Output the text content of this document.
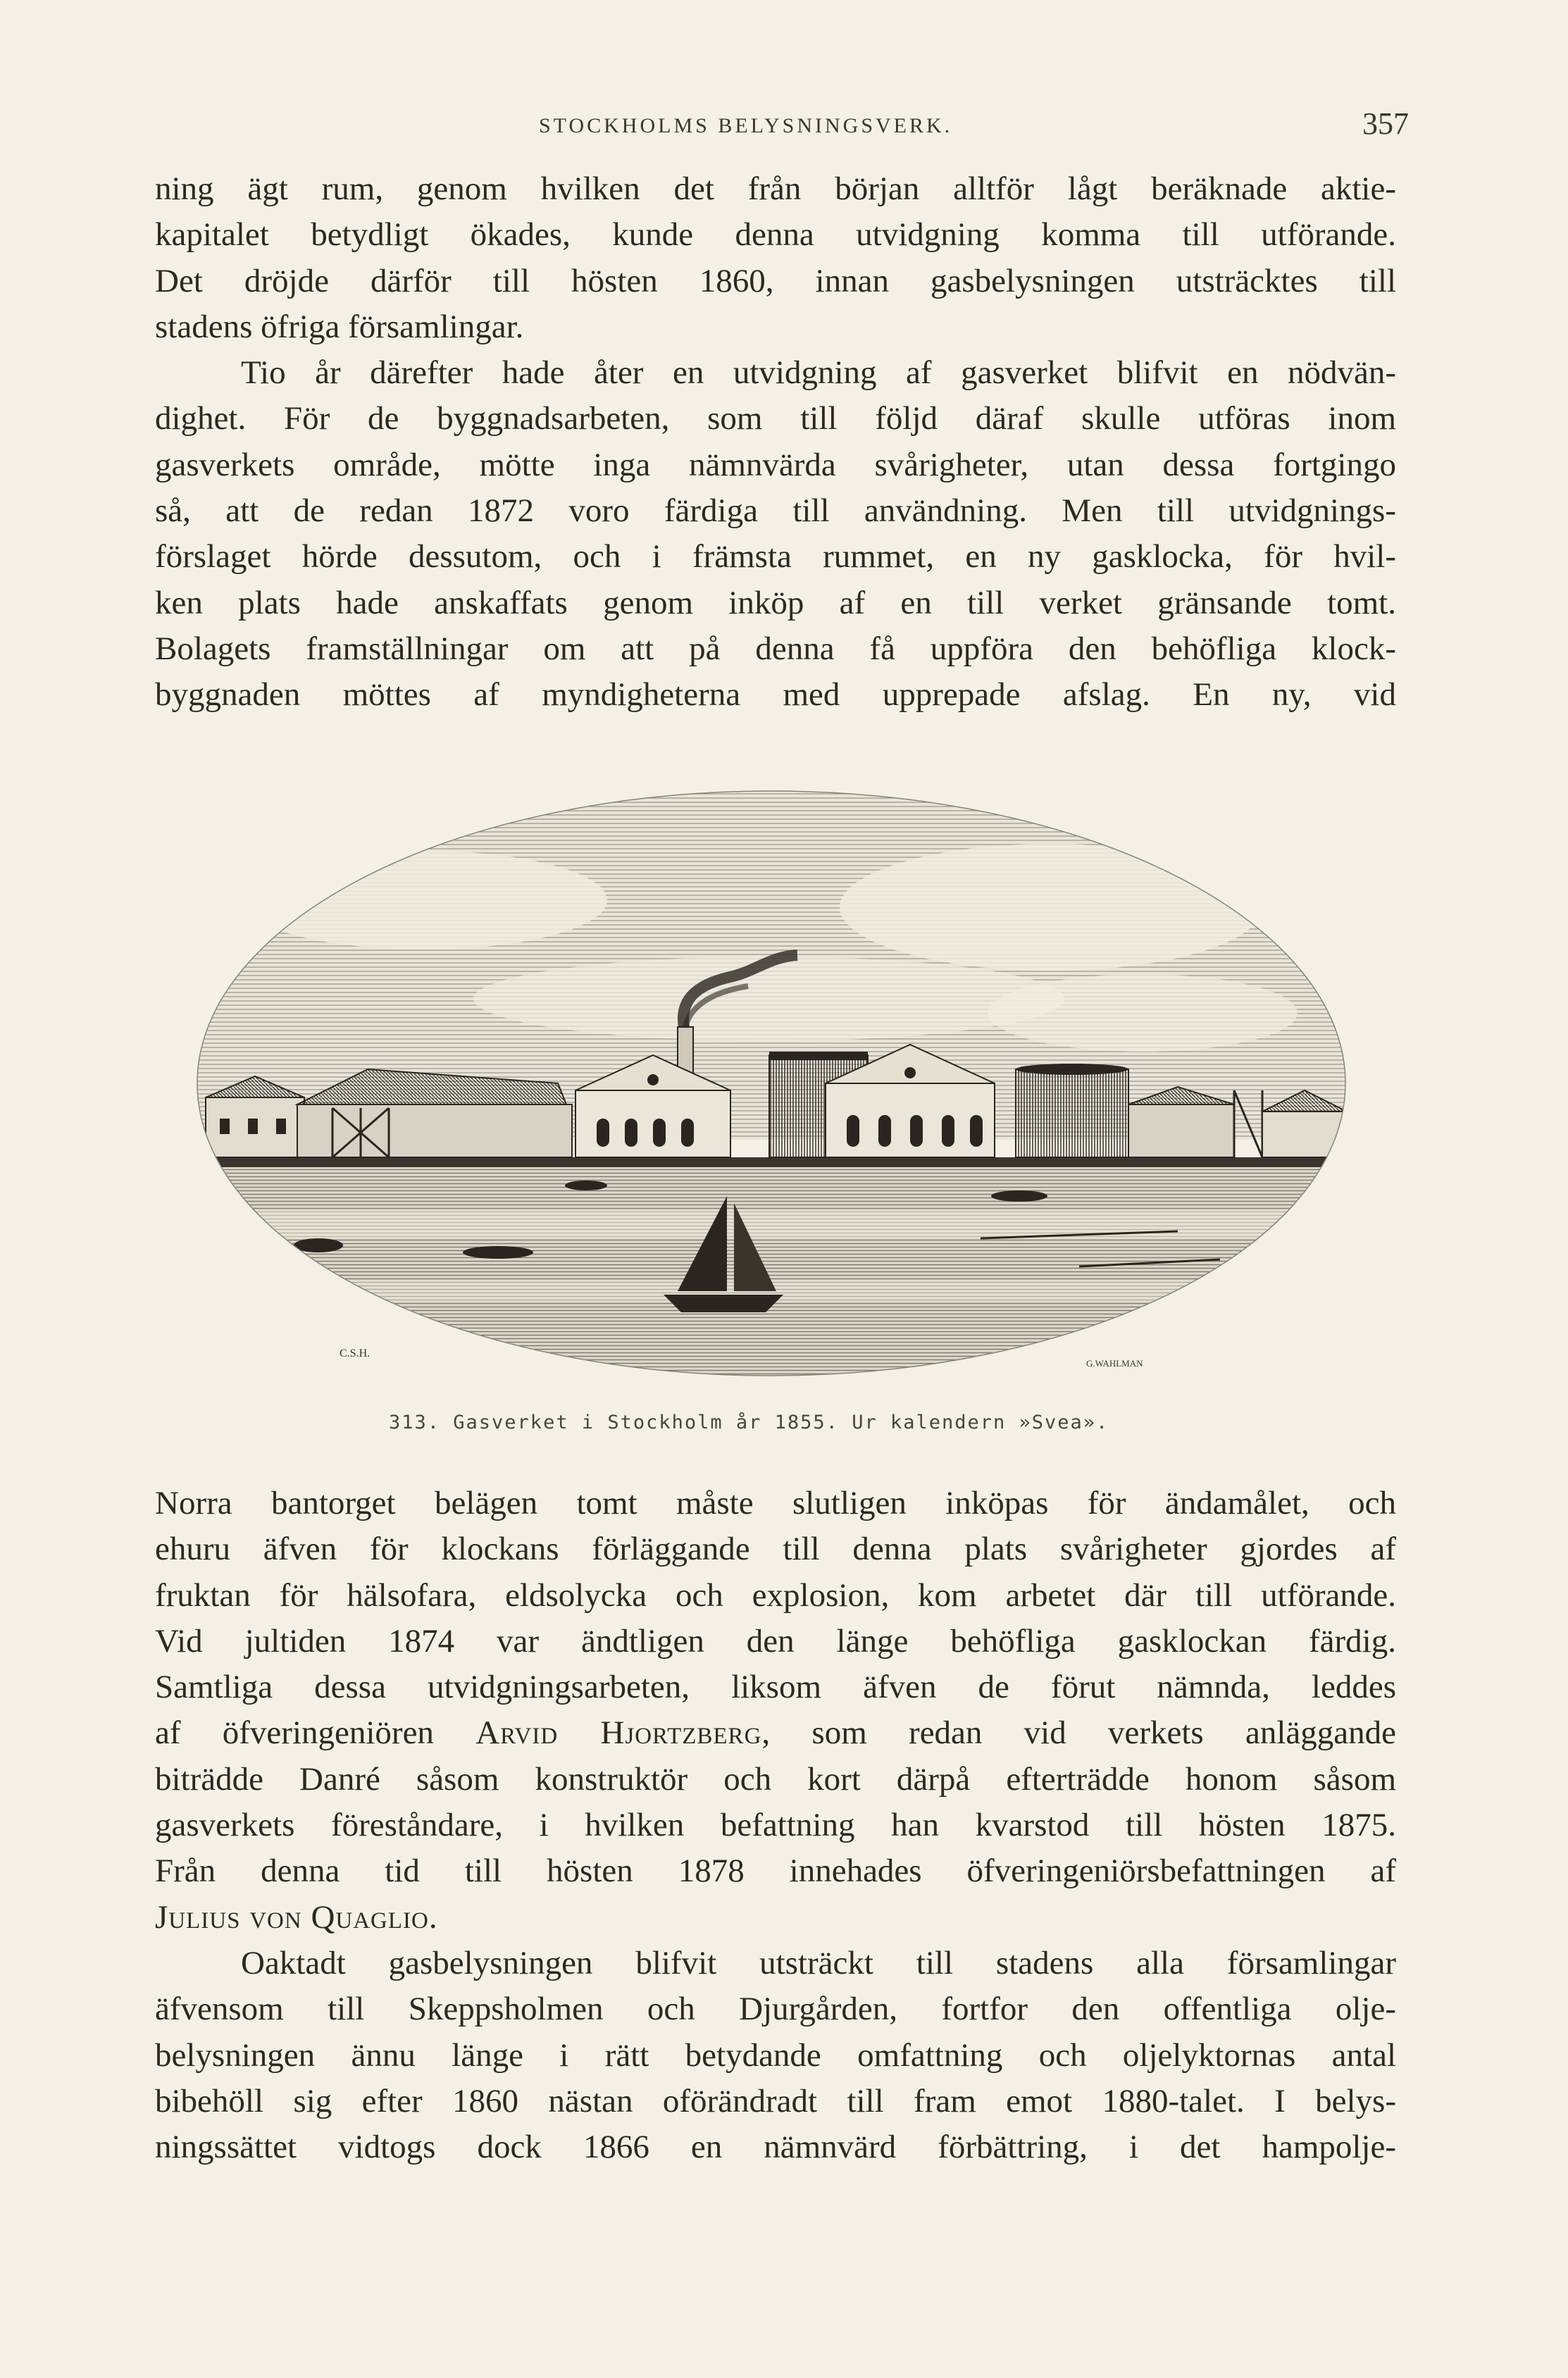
STOCKHOLMS BELYSNINGSVERK.	357
ning ägt rum, genom hvilken det från början alltför lågt beräknade aktie-
kapitalet betydligt ökades, kunde denna utvidgning komma till utförande.
Det dröjde därför till hösten 1860, innan gasbelysningen utsträcktes till
stadens öfriga församlingar.
Tio år därefter hade åter en utvidgning af gasverket blifvit en nödvän-
dighet. För de byggnadsarbeten, som till följd däraf skulle utföras inom
gasverkets område, mötte inga nämnvärda svårigheter, utan dessa fortgingo
så, att de redan 1872 voro färdiga till användning. Men till utvidgnings-
förslaget hörde dessutom, och i främsta rummet, en ny gasklocka, för hvil-
ken plats hade anskaffats genom inköp af en till verket gränsande tomt.
Bolagets framställningar om att på denna få uppföra den behöfliga klock-
byggnaden möttes af myndigheterna med upprepade afslag. En ny, vid
C.S.H.
G.WAHLMAN
313. Gasverket i Stockholm år 1855. Ur kalendern »Svea».
Norra bantorget belägen tomt måste slutligen inköpas för ändamålet, och
ehuru äfven för klockans förläggande till denna plats svårigheter gjordes af
fruktan för hälsofara, eldsolycka och explosion, kom arbetet där till utförande.
Vid jultiden 1874 var ändtligen den länge behöfliga gasklockan färdig.
Samtliga dessa utvidgningsarbeten, liksom äfven de förut nämnda, leddes
af öfveringeniören Arvid Hjortzberg, som redan vid verkets anläggande
biträdde Danré såsom konstruktör och kort därpå efterträdde honom såsom
gasverkets föreståndare, i hvilken befattning han kvarstod till hösten 1875.
Från denna tid till hösten 1878 innehades öfveringeniörsbefattningen af
Julius von Quaglio.
Oaktadt gasbelysningen blifvit utsträckt till stadens alla församlingar
äfvensom till Skeppsholmen och Djurgården, fortfor den offentliga olje-
belysningen ännu länge i rätt betydande omfattning och oljelyktornas antal
bibehöll sig efter 1860 nästan oförändradt till fram emot 1880-talet. I belys-
ningssättet vidtogs dock 1866 en nämnvärd förbättring, i det hampolje-
